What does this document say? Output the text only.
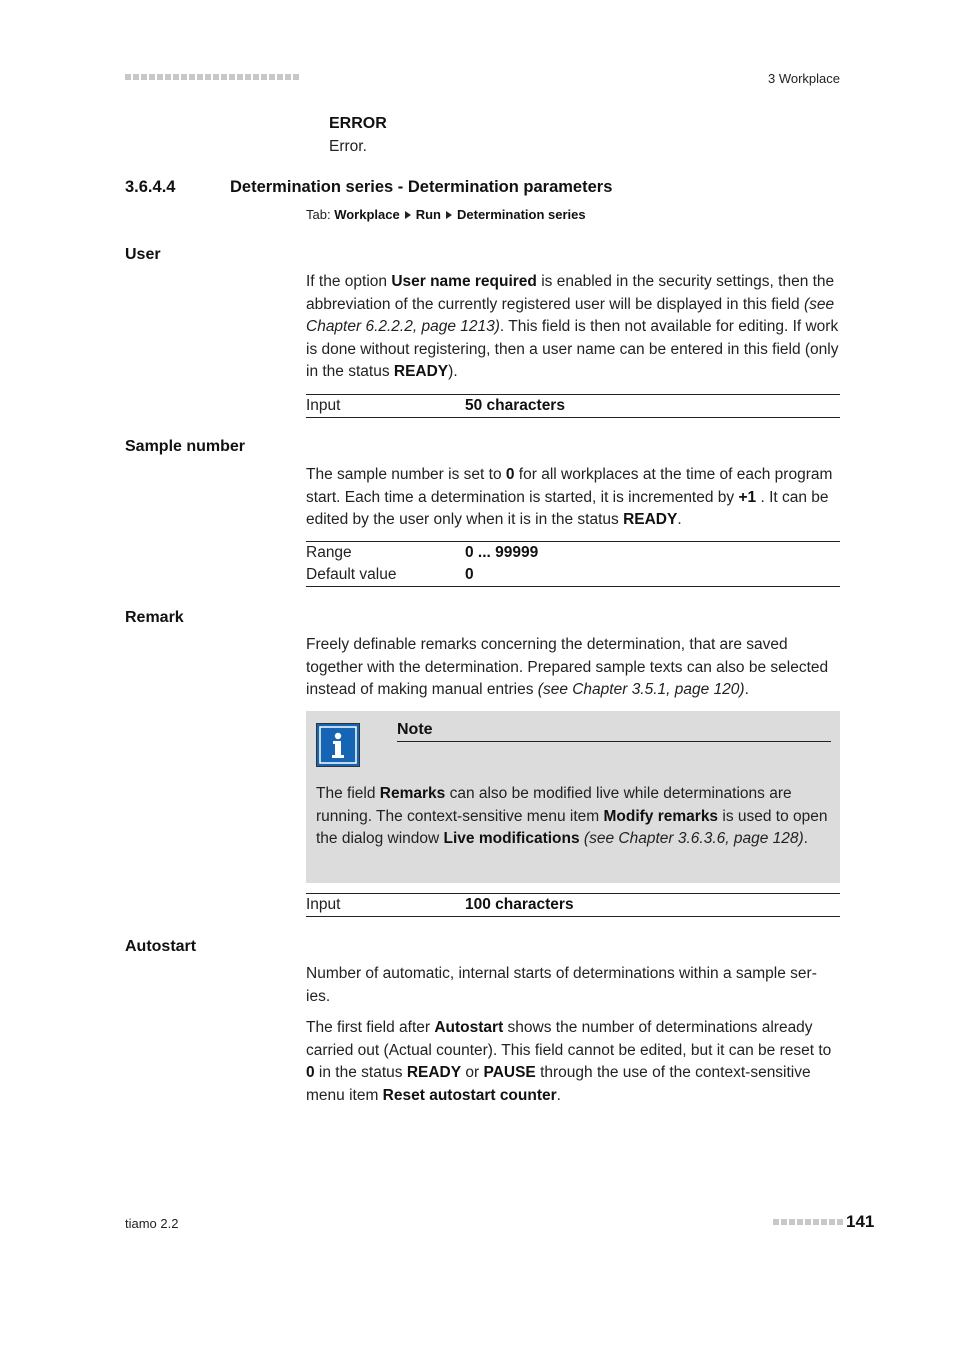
3 Workplace
ERROR
Error.
3.6.4.4	Determination series - Determination parameters
Tab: Workplace Run Determination series
User

If the option User name required is enabled in the security settings, then the abbreviation of the currently registered user will be displayed in this field (see Chapter 6.2.2.2, page 1213). This field is then not available for editing. If work is done without registering, then a user name can be entered in this field (only in the status READY).

Input	50 characters
Sample number

The sample number is set to 0 for all workplaces at the time of each program start. Each time a determination is started, it is incremented by +1 . It can be edited by the user only when it is in the status READY.

Range	0 ... 99999
Default value	0
Remark

Freely definable remarks concerning the determination, that are saved together with the determination. Prepared sample texts can also be selected instead of making manual entries (see Chapter 3.5.1, page 120).

Note
The field Remarks can also be modified live while determinations are running. The context-sensitive menu item Modify remarks is used to open the dialog window Live modifications (see Chapter 3.6.3.6, page 128).
Input	100 characters
Autostart

Number of automatic, internal starts of determinations within a sample ser- ies.

The first field after Autostart shows the number of determinations already carried out (Actual counter). This field cannot be edited, but it can be reset to 0 in the status READY or PAUSE through the use of the context-sensitive menu item Reset autostart counter.

tiamo 2.2	141
